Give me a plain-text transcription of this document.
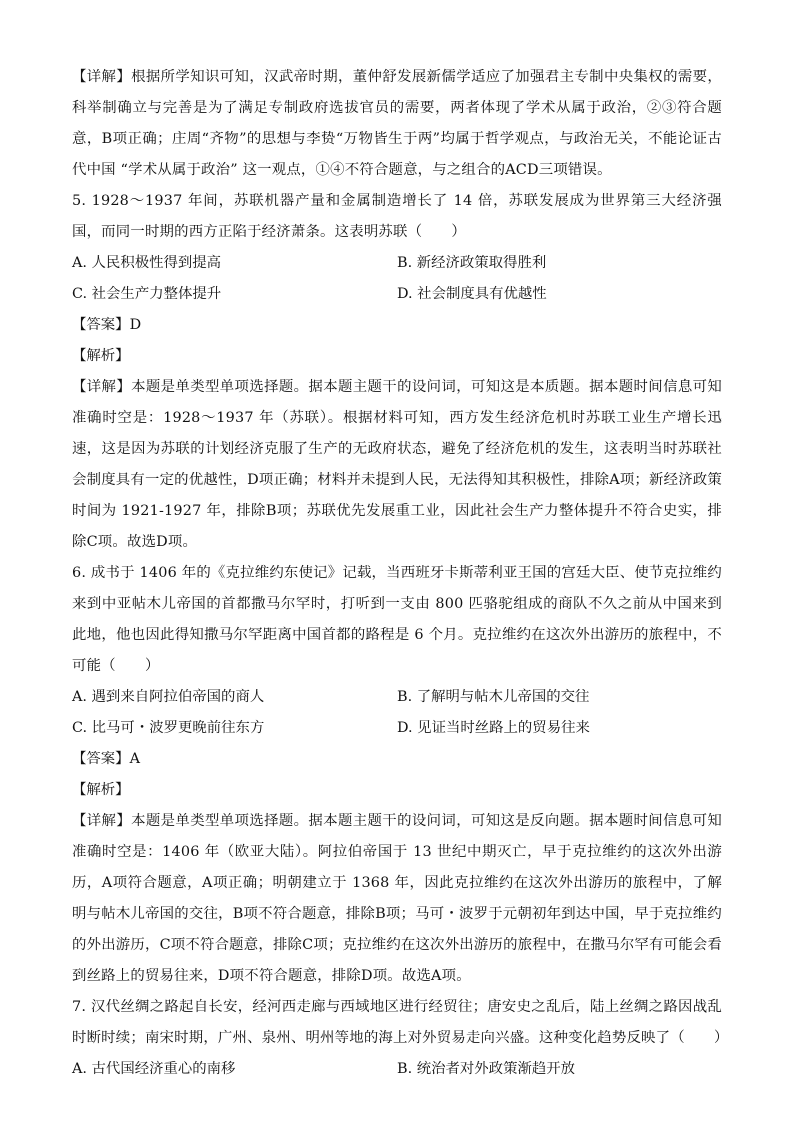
【详解】根据所学知识可知，汉武帝时期，董仲舒发展新儒学适应了加强君主专制中央集权的需要，科举制确立与完善是为了满足专制政府选拔官员的需要，两者体现了学术从属于政治，②③符合题意，B项正确；庄周“齐物”的思想与李贽“万物皆生于两”均属于哲学观点，与政治无关，不能论证古代中国 “学术从属于政治” 这一观点，①④不符合题意，与之组合的ACD三项错误。

5. 1928～1937 年间，苏联机器产量和金属制造增长了 14 倍，苏联发展成为世界第三大经济强国，而同一时期的西方正陷于经济萧条。这表明苏联（　　）

A. 人民积极性得到提高	B. 新经济政策取得胜利
C. 社会生产力整体提升	D. 社会制度具有优越性
【答案】D
【解析】

【详解】本题是单类型单项选择题。据本题主题干的设问词，可知这是本质题。据本题时间信息可知准确时空是：1928～1937 年（苏联）。根据材料可知，西方发生经济危机时苏联工业生产增长迅速，这是因为苏联的计划经济克服了生产的无政府状态，避免了经济危机的发生，这表明当时苏联社会制度具有一定的优越性，D项正确；材料并未提到人民，无法得知其积极性，排除A项；新经济政策时间为 1921-1927 年，排除B项；苏联优先发展重工业，因此社会生产力整体提升不符合史实，排除C项。故选D项。

6. 成书于 1406 年的《克拉维约东使记》记载，当西班牙卡斯蒂利亚王国的宫廷大臣、使节克拉维约来到中亚帖木儿帝国的首都撒马尔罕时，打听到一支由 800 匹骆驼组成的商队不久之前从中国来到此地，他也因此得知撒马尔罕距离中国首都的路程是 6 个月。克拉维约在这次外出游历的旅程中，不可能（　　）

A. 遇到来自阿拉伯帝国的商人	B. 了解明与帖木儿帝国的交往
C. 比马可・波罗更晚前往东方	D. 见证当时丝路上的贸易往来
【答案】A
【解析】

【详解】本题是单类型单项选择题。据本题主题干的设问词，可知这是反向题。据本题时间信息可知准确时空是：1406 年（欧亚大陆）。阿拉伯帝国于 13 世纪中期灭亡，早于克拉维约的这次外出游历，A项符合题意，A项正确；明朝建立于 1368 年，因此克拉维约在这次外出游历的旅程中，了解明与帖木儿帝国的交往，B项不符合题意，排除B项；马可・波罗于元朝初年到达中国，早于克拉维约的外出游历，C项不符合题意，排除C项；克拉维约在这次外出游历的旅程中，在撒马尔罕有可能会看到丝路上的贸易往来，D项不符合题意，排除D项。故选A项。

7. 汉代丝绸之路起自长安，经河西走廊与西域地区进行经贸往；唐安史之乱后，陆上丝绸之路因战乱时断时续；南宋时期，广州、泉州、明州等地的海上对外贸易走向兴盛。这种变化趋势反映了（　　）

A. 古代国经济重心的南移	B. 统治者对外政策渐趋开放
